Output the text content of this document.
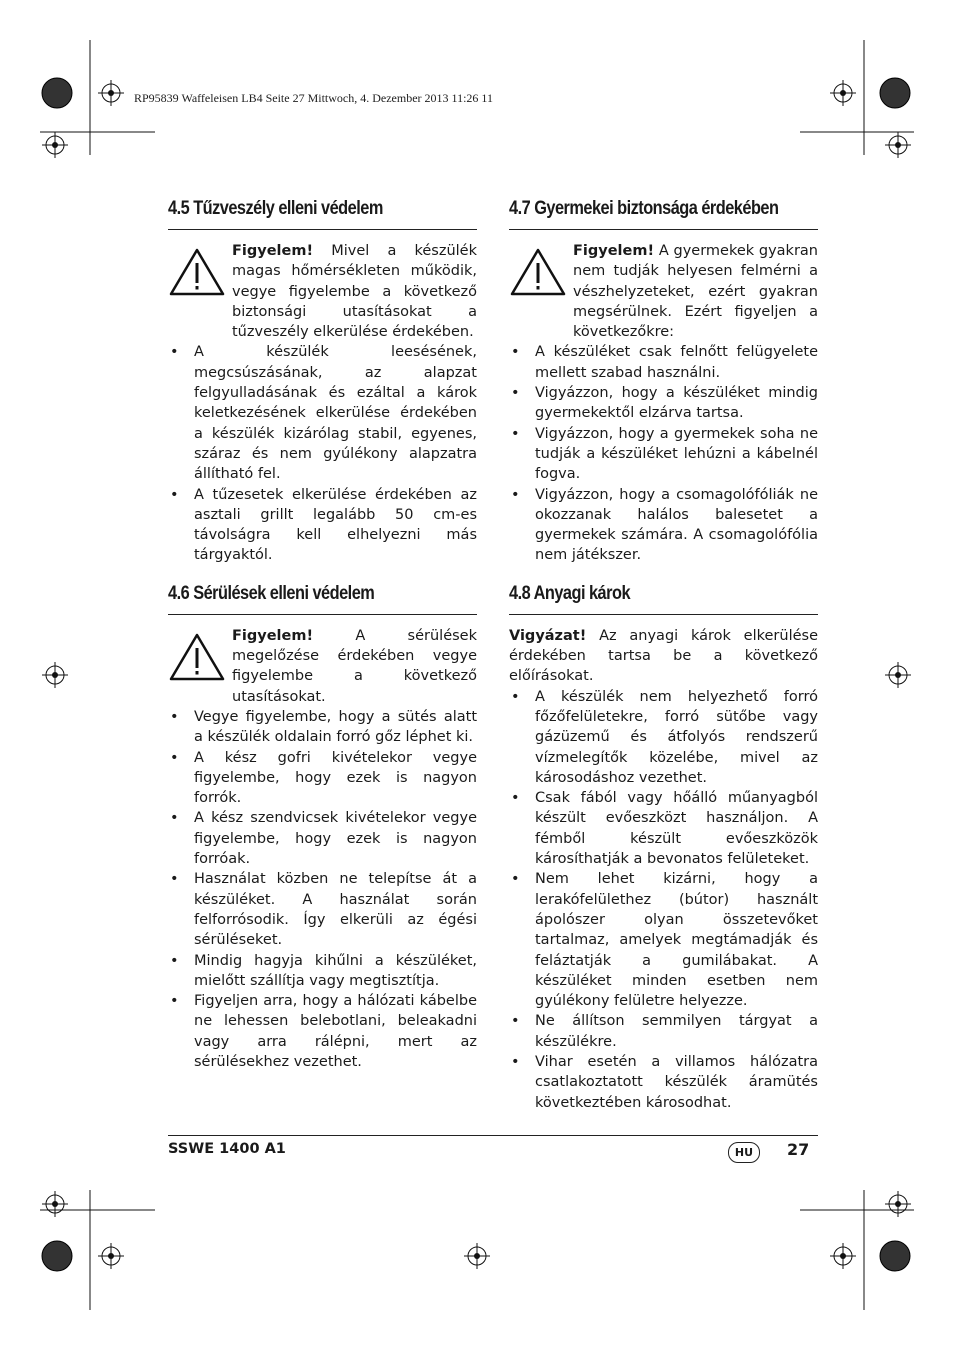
RP95839 Waffeleisen LB4 Seite 27 Mittwoch, 4. Dezember 2013 11:26 11
4.5 Tűzveszély elleni védelem

Figyelem! Mivel a készülék magas hőmérsékleten működik, vegye figyelembe a következő biztonsági utasításokat a tűzveszély elkerülése érdekében.

• A készülék leesésének, megcsúszásának, az alapzat felgyulladásának és ezáltal a károk keletkezésének elkerülése érdekében a készülék kizárólag stabil, egyenes, száraz és nem gyúlékony alapzatra állítható fel.
• A tűzesetek elkerülése érdekében az asztali grillt legalább 50 cm-es távolságra kell elhelyezni más tárgyaktól.
4.6 Sérülések elleni védelem

Figyelem! A sérülések megelőzése érdekében vegye figyelembe a következő utasításokat.

• Vegye figyelembe, hogy a sütés alatt a készülék oldalain forró gőz léphet ki.
• A kész gofri kivételekor vegye figyelembe, hogy ezek is nagyon forrók.
• A kész szendvicsek kivételekor vegye figyelembe, hogy ezek is nagyon forróak.
• Használat közben ne telepítse át a készüléket. A használat során felforrósodik. Így elkerüli az égési sérüléseket.
• Mindig hagyja kihűlni a készüléket, mielőtt szállítja vagy megtisztítja.
• Figyeljen arra, hogy a hálózati kábelbe ne lehessen belebotlani, beleakadni vagy arra rálépni, mert az sérülésekhez vezethet.
4.7 Gyermekei biztonsága érdekében

Figyelem! A gyermekek gyakran nem tudják helyesen felmérni a vészhelyzeteket, ezért gyakran megsérülnek. Ezért figyeljen a következőkre:

• A készüléket csak felnőtt felügyelete mellett szabad használni.
• Vigyázzon, hogy a készüléket mindig gyermekektől elzárva tartsa.
• Vigyázzon, hogy a gyermekek soha ne tudják a készüléket lehúzni a kábelnél fogva.
• Vigyázzon, hogy a csomagolófóliák ne okozzanak halálos balesetet a gyermekek számára. A csomagolófólia nem játékszer.
4.8 Anyagi károk

Vigyázat! Az anyagi károk elkerülése érdekében tartsa be a következő előírásokat.

• A készülék nem helyezhető forró főzőfelületekre, forró sütőbe vagy gázüzemű és átfolyós rendszerű vízmelegítők közelébe, mivel az károsodáshoz vezethet.
• Csak fából vagy hőálló műanyagból készült evőeszközt használjon. A fémből készült evőeszközök károsíthatják a bevonatos felületeket.
• Nem lehet kizárni, hogy a lerakófelülethez (bútor) használt ápolószer olyan összetevőket tartalmaz, amelyek megtámadják és feláztatják a gumilábakat. A készüléket minden esetben nem gyúlékony felületre helyezze.
• Ne állítson semmilyen tárgyat a készülékre.
• Vihar esetén a villamos hálózatra csatlakoztatott készülék áramütés következtében károsodhat.
SSWE 1400 A1	HU	27
